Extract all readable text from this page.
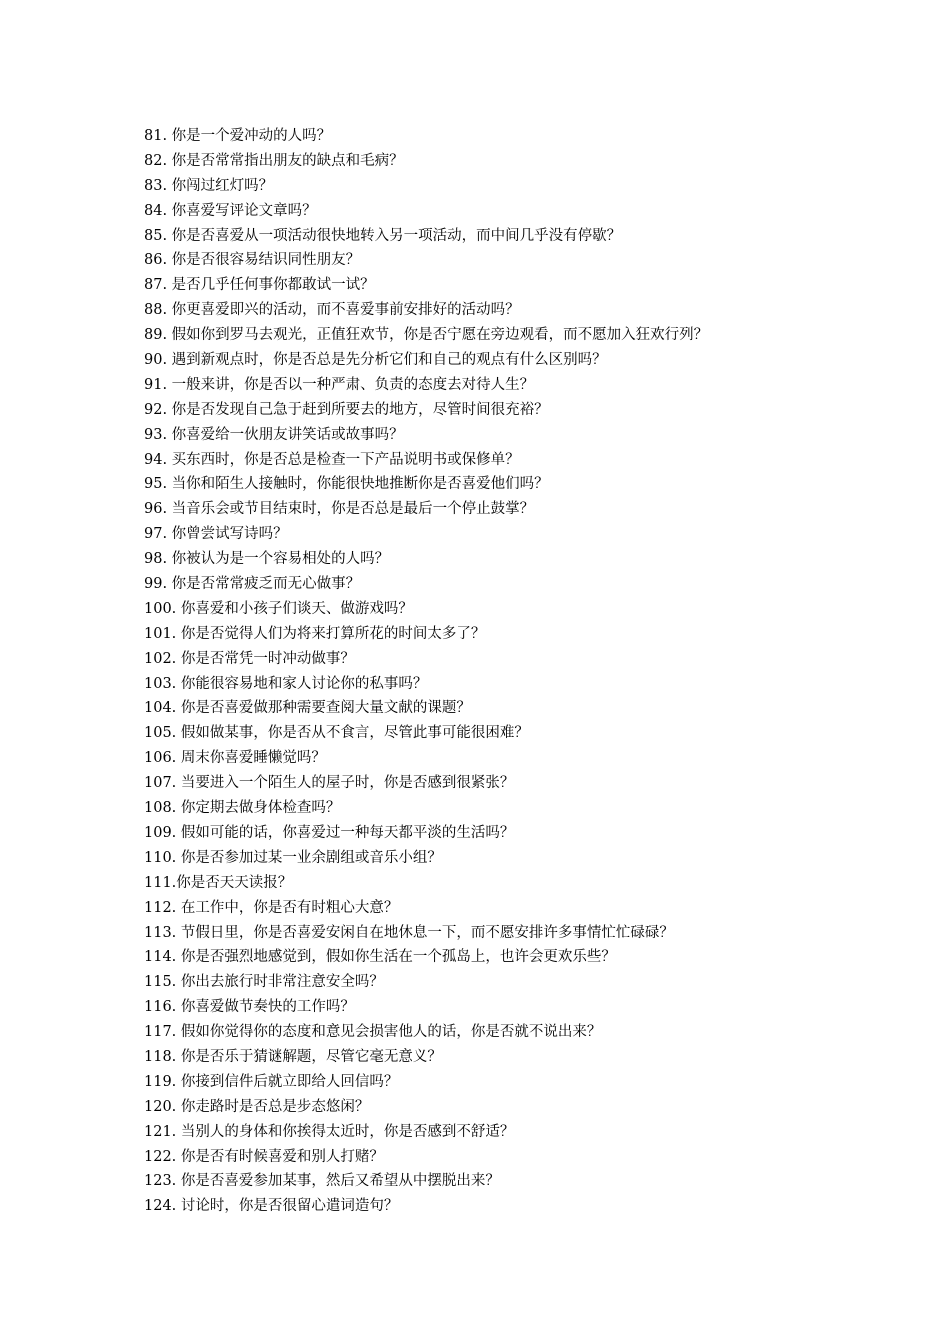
81. 你是一个爱冲动的人吗？
82. 你是否常常指出朋友的缺点和毛病？
83. 你闯过红灯吗？
84. 你喜爱写评论文章吗？
85. 你是否喜爱从一项活动很快地转入另一项活动，而中间几乎没有停歇？
86. 你是否很容易结识同性朋友？
87. 是否几乎任何事你都敢试一试？
88. 你更喜爱即兴的活动，而不喜爱事前安排好的活动吗？
89. 假如你到罗马去观光，正值狂欢节，你是否宁愿在旁边观看，而不愿加入狂欢行列？
90. 遇到新观点时，你是否总是先分析它们和自己的观点有什么区别吗？
91. 一般来讲，你是否以一种严肃、负责的态度去对待人生？
92. 你是否发现自己急于赶到所要去的地方，尽管时间很充裕？
93. 你喜爱给一伙朋友讲笑话或故事吗？
94. 买东西时，你是否总是检查一下产品说明书或保修单？
95. 当你和陌生人接触时，你能很快地推断你是否喜爱他们吗？
96. 当音乐会或节目结束时，你是否总是最后一个停止鼓掌？
97. 你曾尝试写诗吗？
98. 你被认为是一个容易相处的人吗？
99. 你是否常常疲乏而无心做事？
100. 你喜爱和小孩子们谈天、做游戏吗？
101. 你是否觉得人们为将来打算所花的时间太多了？
102. 你是否常凭一时冲动做事？
103. 你能很容易地和家人讨论你的私事吗？
104. 你是否喜爱做那种需要查阅大量文献的课题？
105. 假如做某事，你是否从不食言，尽管此事可能很困难？
106. 周末你喜爱睡懒觉吗？
107. 当要进入一个陌生人的屋子时，你是否感到很紧张？
108. 你定期去做身体检查吗？
109. 假如可能的话，你喜爱过一种每天都平淡的生活吗？
110. 你是否参加过某一业余剧组或音乐小组？
111.你是否天天读报？
112. 在工作中，你是否有时粗心大意？
113. 节假日里，你是否喜爱安闲自在地休息一下，而不愿安排许多事情忙忙碌碌？
114. 你是否强烈地感觉到，假如你生活在一个孤岛上，也许会更欢乐些？
115. 你出去旅行时非常注意安全吗？
116. 你喜爱做节奏快的工作吗？
117. 假如你觉得你的态度和意见会损害他人的话，你是否就不说出来？
118. 你是否乐于猜谜解题，尽管它毫无意义？
119. 你接到信件后就立即给人回信吗？
120. 你走路时是否总是步态悠闲？
121. 当别人的身体和你挨得太近时，你是否感到不舒适？
122. 你是否有时候喜爱和别人打赌？
123. 你是否喜爱参加某事，然后又希望从中摆脱出来？
124. 讨论时，你是否很留心遣词造句？
